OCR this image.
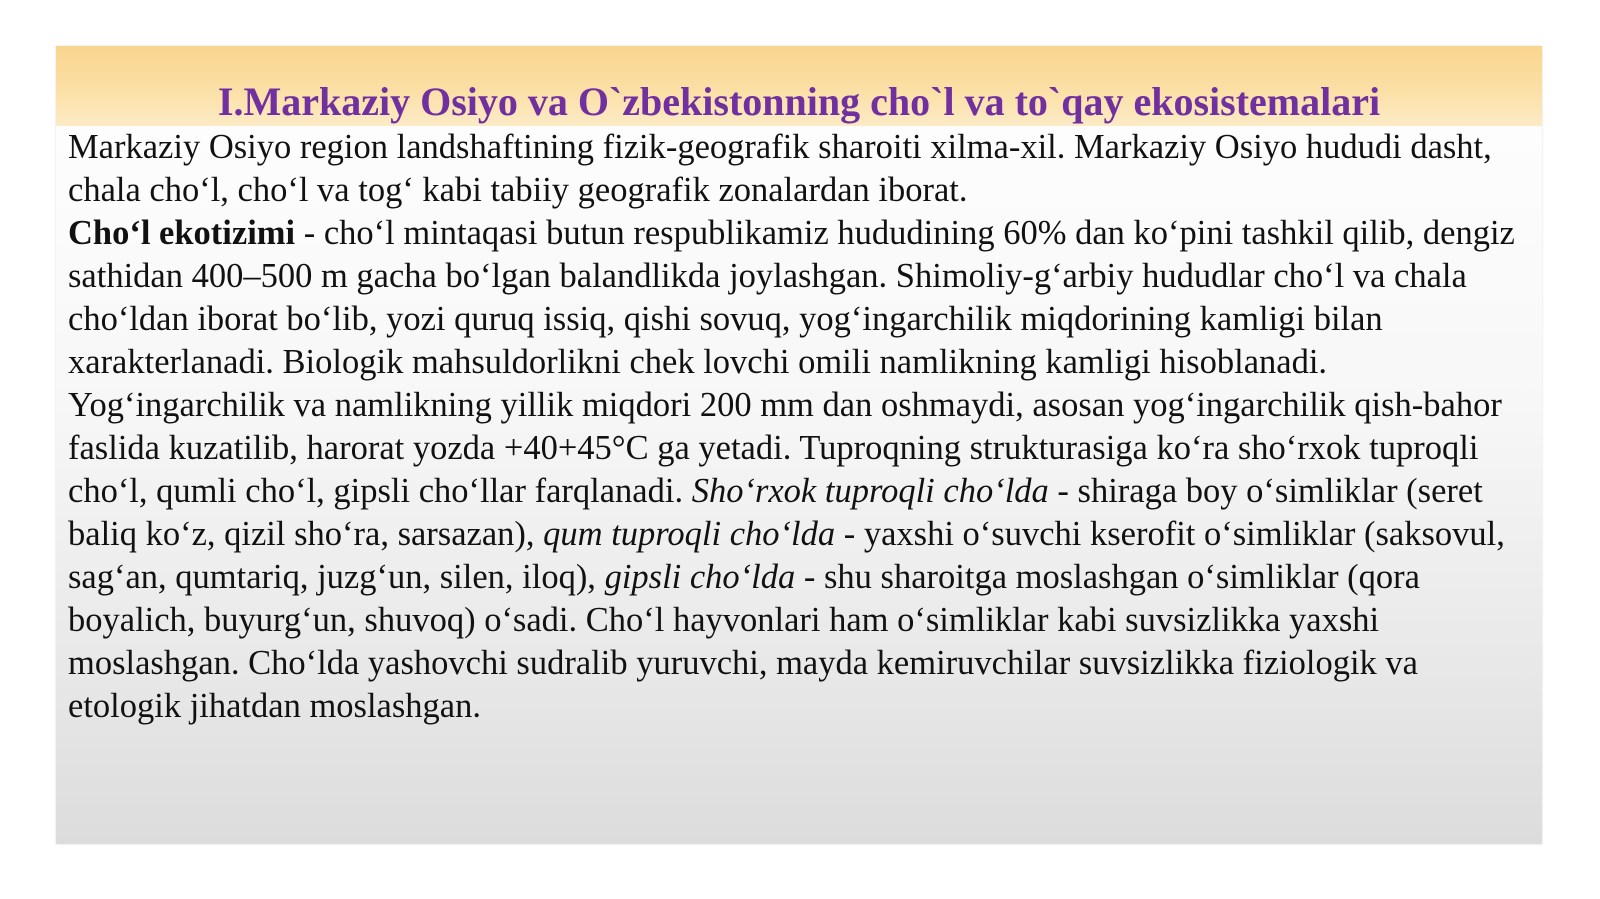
I.Markaziy Osiyo va O`zbekistonning cho`l va to`qay ekosistemalari
Markaziy Osiyo region landshaftining fizik-geografik sharoiti xilma-xil. Markaziy Osiyo hududi dasht, chala cho‘l, cho‘l va tog‘ kabi tabiiy geografik zonalardan iborat.
Cho‘l ekotizimi - cho‘l mintaqasi butun respublikamiz hududining 60% dan ko‘pini tashkil qilib, dengiz sathidan 400–500 m gacha bo‘lgan balandlikda joylashgan. Shimoliy-g‘arbiy hududlar cho‘l va chala cho‘ldan iborat bo‘lib, yozi quruq issiq, qishi sovuq, yog‘ingarchilik miqdorining kamligi bilan xarakterlanadi. Biologik mahsuldorlikni chek lovchi omili namlikning kamligi hisoblanadi. Yog‘ingarchilik va namlikning yillik miqdori 200 mm dan oshmaydi, asosan yog‘ingarchilik qish-bahor faslida kuzatilib, harorat yozda +40+45°C ga yetadi. Tuproqning strukturasiga ko‘ra sho‘rxok tuproqli cho‘l, qumli cho‘l, gipsli cho‘llar farqlanadi. Sho‘rxok tuproqli cho‘lda - shiraga boy o‘simliklar (seret baliq ko‘z, qizil sho‘ra, sarsazan), qum tuproqli cho‘lda - yaxshi o‘suvchi kserofit o‘simliklar (saksovul, sag‘an, qumtariq, juzg‘un, silen, iloq), gipsli cho‘lda - shu sharoitga moslashgan o‘simliklar (qora boyalich, buyurg‘un, shuvoq) o‘sadi. Cho‘l hayvonlari ham o‘simliklar kabi suvsizlikka yaxshi moslashgan. Cho‘lda yashovchi sudralib yuruvchi, mayda kemiruvchilar suvsizlikka fiziologik va etologik jihatdan moslashgan.
